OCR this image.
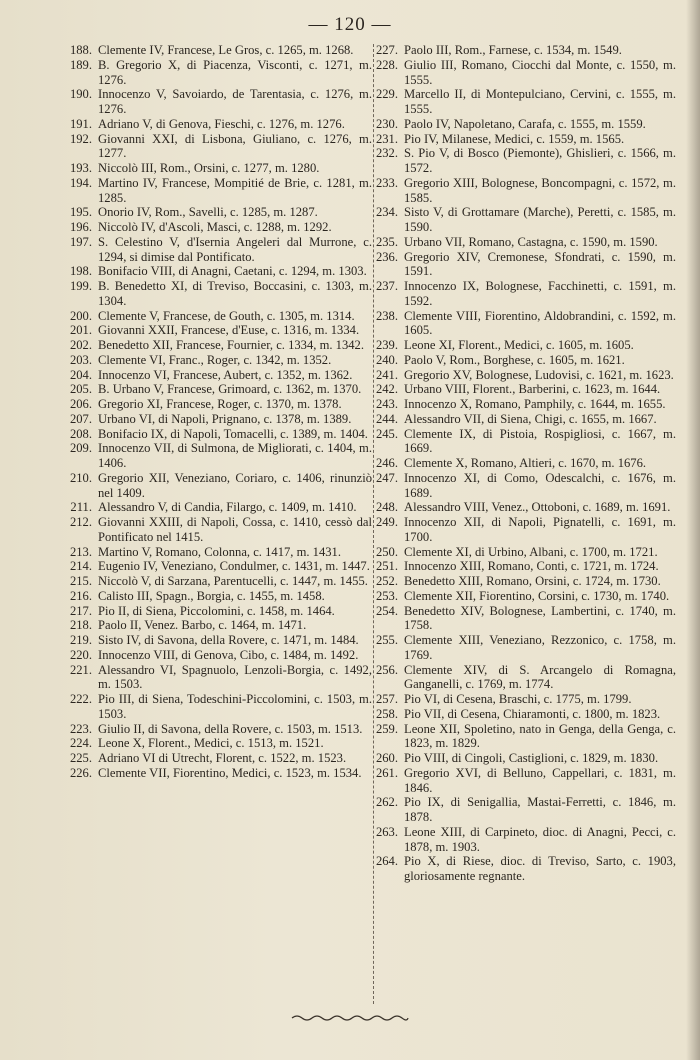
— 120 —
188. Clemente IV, Francese, Le Gros, c. 1265, m. 1268.
189. B. Gregorio X, di Piacenza, Visconti, c. 1271, m. 1276.
190. Innocenzo V, Savoiardo, de Tarentasia, c. 1276, m. 1276.
191. Adriano V, di Genova, Fieschi, c. 1276, m. 1276.
192. Giovanni XXI, di Lisbona, Giuliano, c. 1276, m. 1277.
193. Niccolò III, Rom., Orsini, c. 1277, m. 1280.
194. Martino IV, Francese, Mompitié de Brie, c. 1281, m. 1285.
195. Onorio IV, Rom., Savelli, c. 1285, m. 1287.
196. Niccolò IV, d'Ascoli, Masci, c. 1288, m. 1292.
197. S. Celestino V, d'Isernia Angeleri dal Murrone, c. 1294, si dimise dal Pontificato.
198. Bonifacio VIII, di Anagni, Caetani, c. 1294, m. 1303.
199. B. Benedetto XI, di Treviso, Boccasini, c. 1303, m. 1304.
200. Clemente V, Francese, de Gouth, c. 1305, m. 1314.
201. Giovanni XXII, Francese, d'Euse, c. 1316, m. 1334.
202. Benedetto XII, Francese, Fournier, c. 1334, m. 1342.
203. Clemente VI, Franc., Roger, c. 1342, m. 1352.
204. Innocenzo VI, Francese, Aubert, c. 1352, m. 1362.
205. B. Urbano V, Francese, Grimoard, c. 1362, m. 1370.
206. Gregorio XI, Francese, Roger, c. 1370, m. 1378.
207. Urbano VI, di Napoli, Prignano, c. 1378, m. 1389.
208. Bonifacio IX, di Napoli, Tomacelli, c. 1389, m. 1404.
209. Innocenzo VII, di Sulmona, de Migliorati, c. 1404, m. 1406.
210. Gregorio XII, Veneziano, Coriaro, c. 1406, rinunziò nel 1409.
211. Alessandro V, di Candia, Filargo, c. 1409, m. 1410.
212. Giovanni XXIII, di Napoli, Cossa, c. 1410, cessò dal Pontificato nel 1415.
213. Martino V, Romano, Colonna, c. 1417, m. 1431.
214. Eugenio IV, Veneziano, Condulmer, c. 1431, m. 1447.
215. Niccolò V, di Sarzana, Parentucelli, c. 1447, m. 1455.
216. Calisto III, Spagn., Borgia, c. 1455, m. 1458.
217. Pio II, di Siena, Piccolomini, c. 1458, m. 1464.
218. Paolo II, Venez. Barbo, c. 1464, m. 1471.
219. Sisto IV, di Savona, della Rovere, c. 1471, m. 1484.
220. Innocenzo VIII, di Genova, Cibo, c. 1484, m. 1492.
221. Alessandro VI, Spagnuolo, Lenzoli-Borgia, c. 1492, m. 1503.
222. Pio III, di Siena, Todeschini-Piccolomini, c. 1503, m. 1503.
223. Giulio II, di Savona, della Rovere, c. 1503, m. 1513.
224. Leone X, Florent., Medici, c. 1513, m. 1521.
225. Adriano VI di Utrecht, Florent, c. 1522, m. 1523.
226. Clemente VII, Fiorentino, Medici, c. 1523, m. 1534.
227. Paolo III, Rom., Farnese, c. 1534, m. 1549.
228. Giulio III, Romano, Ciocchi dal Monte, c. 1550, m. 1555.
229. Marcello II, di Montepulciano, Cervini, c. 1555, m. 1555.
230. Paolo IV, Napoletano, Carafa, c. 1555, m. 1559.
231. Pio IV, Milanese, Medici, c. 1559, m. 1565.
232. S. Pio V, di Bosco (Piemonte), Ghislieri, c. 1566, m. 1572.
233. Gregorio XIII, Bolognese, Boncompagni, c. 1572, m. 1585.
234. Sisto V, di Grottamare (Marche), Peretti, c. 1585, m. 1590.
235. Urbano VII, Romano, Castagna, c. 1590, m. 1590.
236. Gregorio XIV, Cremonese, Sfondrati, c. 1590, m. 1591.
237. Innocenzo IX, Bolognese, Facchinetti, c. 1591, m. 1592.
238. Clemente VIII, Fiorentino, Aldobrandini, c. 1592, m. 1605.
239. Leone XI, Florent., Medici, c. 1605, m. 1605.
240. Paolo V, Rom., Borghese, c. 1605, m. 1621.
241. Gregorio XV, Bolognese, Ludovisi, c. 1621, m. 1623.
242. Urbano VIII, Florent., Barberini, c. 1623, m. 1644.
243. Innocenzo X, Romano, Pamphily, c. 1644, m. 1655.
244. Alessandro VII, di Siena, Chigi, c. 1655, m. 1667.
245. Clemente IX, di Pistoia, Rospigliosi, c. 1667, m. 1669.
246. Clemente X, Romano, Altieri, c. 1670, m. 1676.
247. Innocenzo XI, di Como, Odescalchi, c. 1676, m. 1689.
248. Alessandro VIII, Venez., Ottoboni, c. 1689, m. 1691.
249. Innocenzo XII, di Napoli, Pignatelli, c. 1691, m. 1700.
250. Clemente XI, di Urbino, Albani, c. 1700, m. 1721.
251. Innocenzo XIII, Romano, Conti, c. 1721, m. 1724.
252. Benedetto XIII, Romano, Orsini, c. 1724, m. 1730.
253. Clemente XII, Fiorentino, Corsini, c. 1730, m. 1740.
254. Benedetto XIV, Bolognese, Lambertini, c. 1740, m. 1758.
255. Clemente XIII, Veneziano, Rezzonico, c. 1758, m. 1769.
256. Clemente XIV, di S. Arcangelo di Romagna, Ganganelli, c. 1769, m. 1774.
257. Pio VI, di Cesena, Braschi, c. 1775, m. 1799.
258. Pio VII, di Cesena, Chiaramonti, c. 1800, m. 1823.
259. Leone XII, Spoletino, nato in Genga, della Genga, c. 1823, m. 1829.
260. Pio VIII, di Cingoli, Castiglioni, c. 1829, m. 1830.
261. Gregorio XVI, di Belluno, Cappellari, c. 1831, m. 1846.
262. Pio IX, di Senigallia, Mastai-Ferretti, c. 1846, m. 1878.
263. Leone XIII, di Carpineto, dioc. di Anagni, Pecci, c. 1878, m. 1903.
264. Pio X, di Riese, dioc. di Treviso, Sarto, c. 1903, gloriosamente regnante.
